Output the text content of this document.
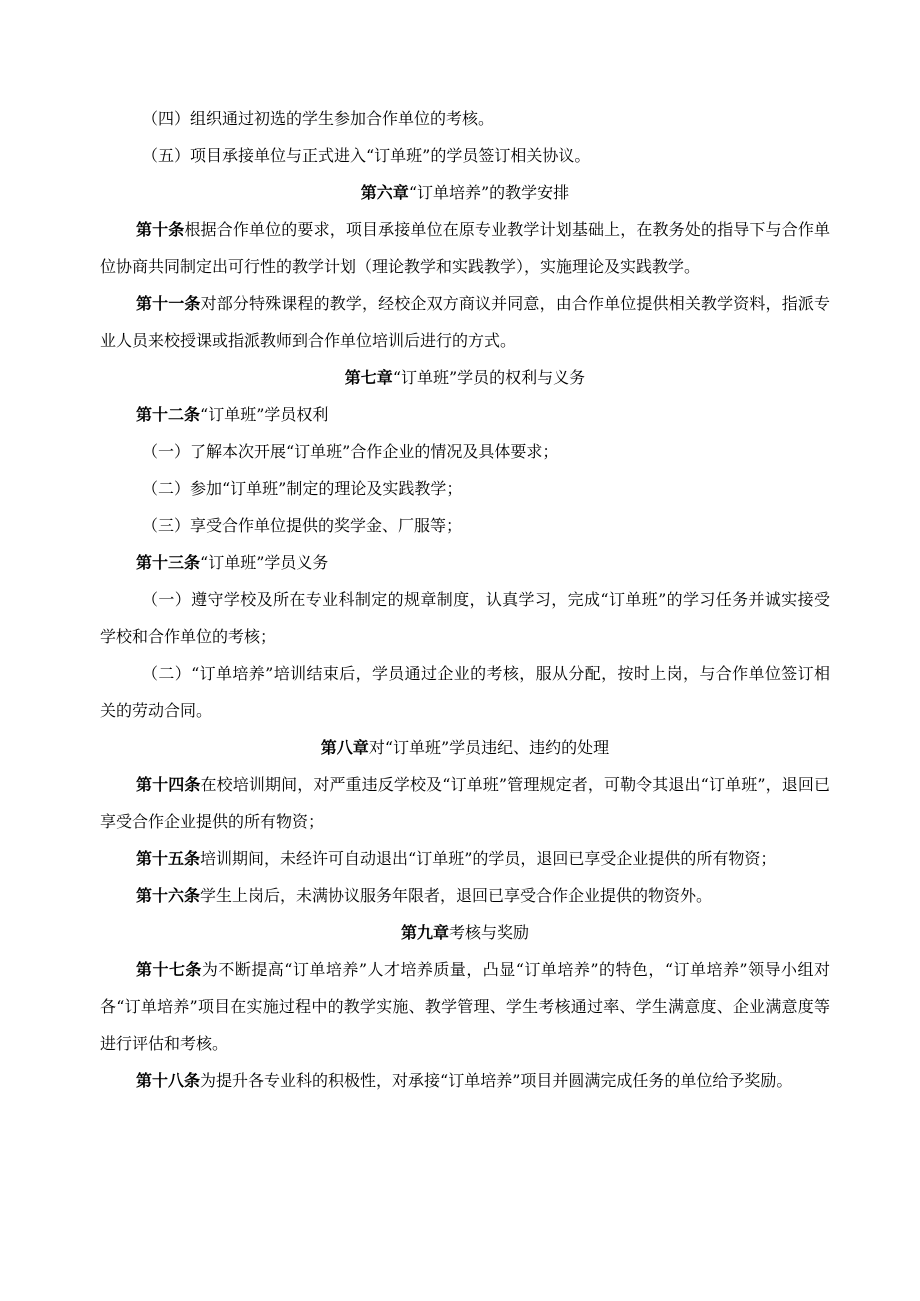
（四）组织通过初选的学生参加合作单位的考核。

（五）项目承接单位与正式进入“订单班”的学员签订相关协议。

第六章“订单培养”的教学安排

第十条根据合作单位的要求，项目承接单位在原专业教学计划基础上，在教务处的指导下与合作单位协商共同制定出可行性的教学计划（理论教学和实践教学），实施理论及实践教学。

第十一条对部分特殊课程的教学，经校企双方商议并同意，由合作单位提供相关教学资料，指派专业人员来校授课或指派教师到合作单位培训后进行的方式。

第七章“订单班”学员的权利与义务

第十二条“订单班”学员权利

（一）了解本次开展“订单班”合作企业的情况及具体要求；

（二）参加“订单班”制定的理论及实践教学；

（三）享受合作单位提供的奖学金、厂服等；

第十三条“订单班”学员义务

（一）遵守学校及所在专业科制定的规章制度，认真学习，完成“订单班”的学习任务并诚实接受学校和合作单位的考核；

（二）“订单培养”培训结束后，学员通过企业的考核，服从分配，按时上岗，与合作单位签订相关的劳动合同。

第八章对“订单班”学员违纪、违约的处理

第十四条在校培训期间，对严重违反学校及“订单班”管理规定者，可勒令其退出“订单班”，退回已享受合作企业提供的所有物资；

第十五条培训期间，未经许可自动退出“订单班”的学员，退回已享受企业提供的所有物资；

第十六条学生上岗后，未满协议服务年限者，退回已享受合作企业提供的物资外。

第九章考核与奖励

第十七条为不断提高“订单培养”人才培养质量，凸显“订单培养”的特色，“订单培养”领导小组对各“订单培养”项目在实施过程中的教学实施、教学管理、学生考核通过率、学生满意度、企业满意度等进行评估和考核。

第十八条为提升各专业科的积极性，对承接“订单培养”项目并圆满完成任务的单位给予奖励。
